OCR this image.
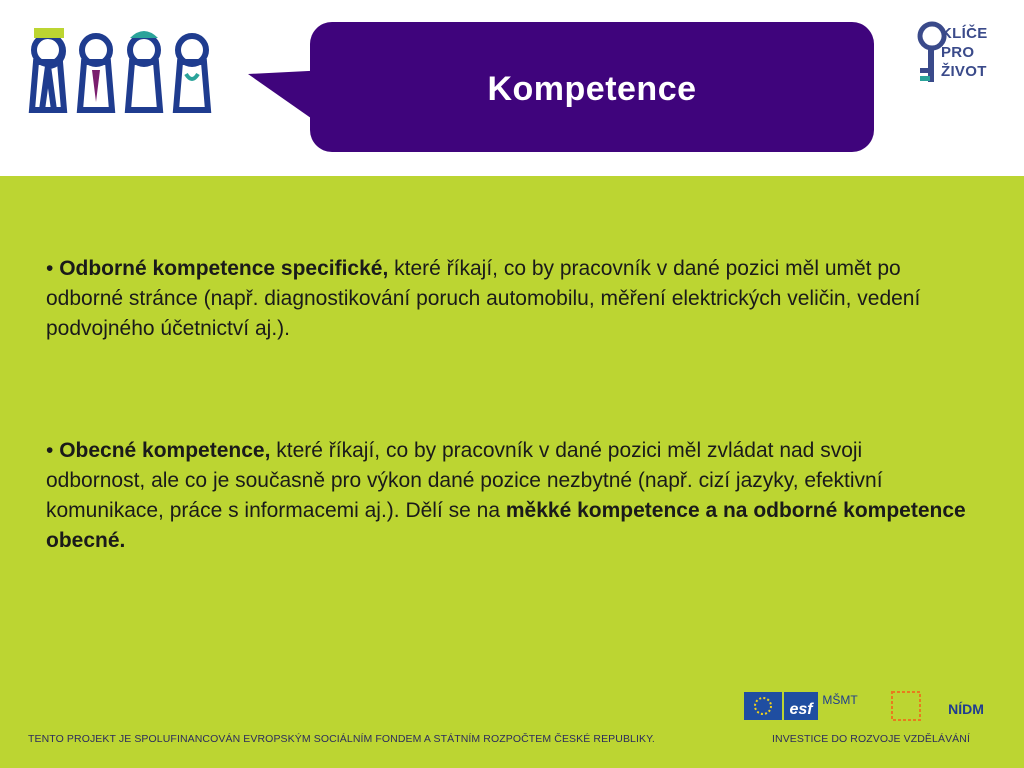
Kompetence
KLÍČE
PRO
ŽIVOT
• Odborné kompetence specifické, které říkají, co by pracovník v dané pozici měl umět po odborné stránce (např. diagnostikování poruch automobilu, měření elektrických veličin, vedení podvojného účetnictví aj.).
• Obecné kompetence, které říkají, co by pracovník v dané pozici měl zvládat nad svoji odbornost, ale co je současně pro výkon dané pozice nezbytné (např. cizí jazyky, efektivní komunikace, práce s informacemi aj.). Dělí se na měkké kompetence a na odborné kompetence obecné.
esf
MŠMT
NÍDM
TENTO PROJEKT JE SPOLUFINANCOVÁN EVROPSKÝM SOCIÁLNÍM FONDEM A STÁTNÍM ROZPOČTEM ČESKÉ REPUBLIKY.	INVESTICE DO ROZVOJE VZDĚLÁVÁNÍ
